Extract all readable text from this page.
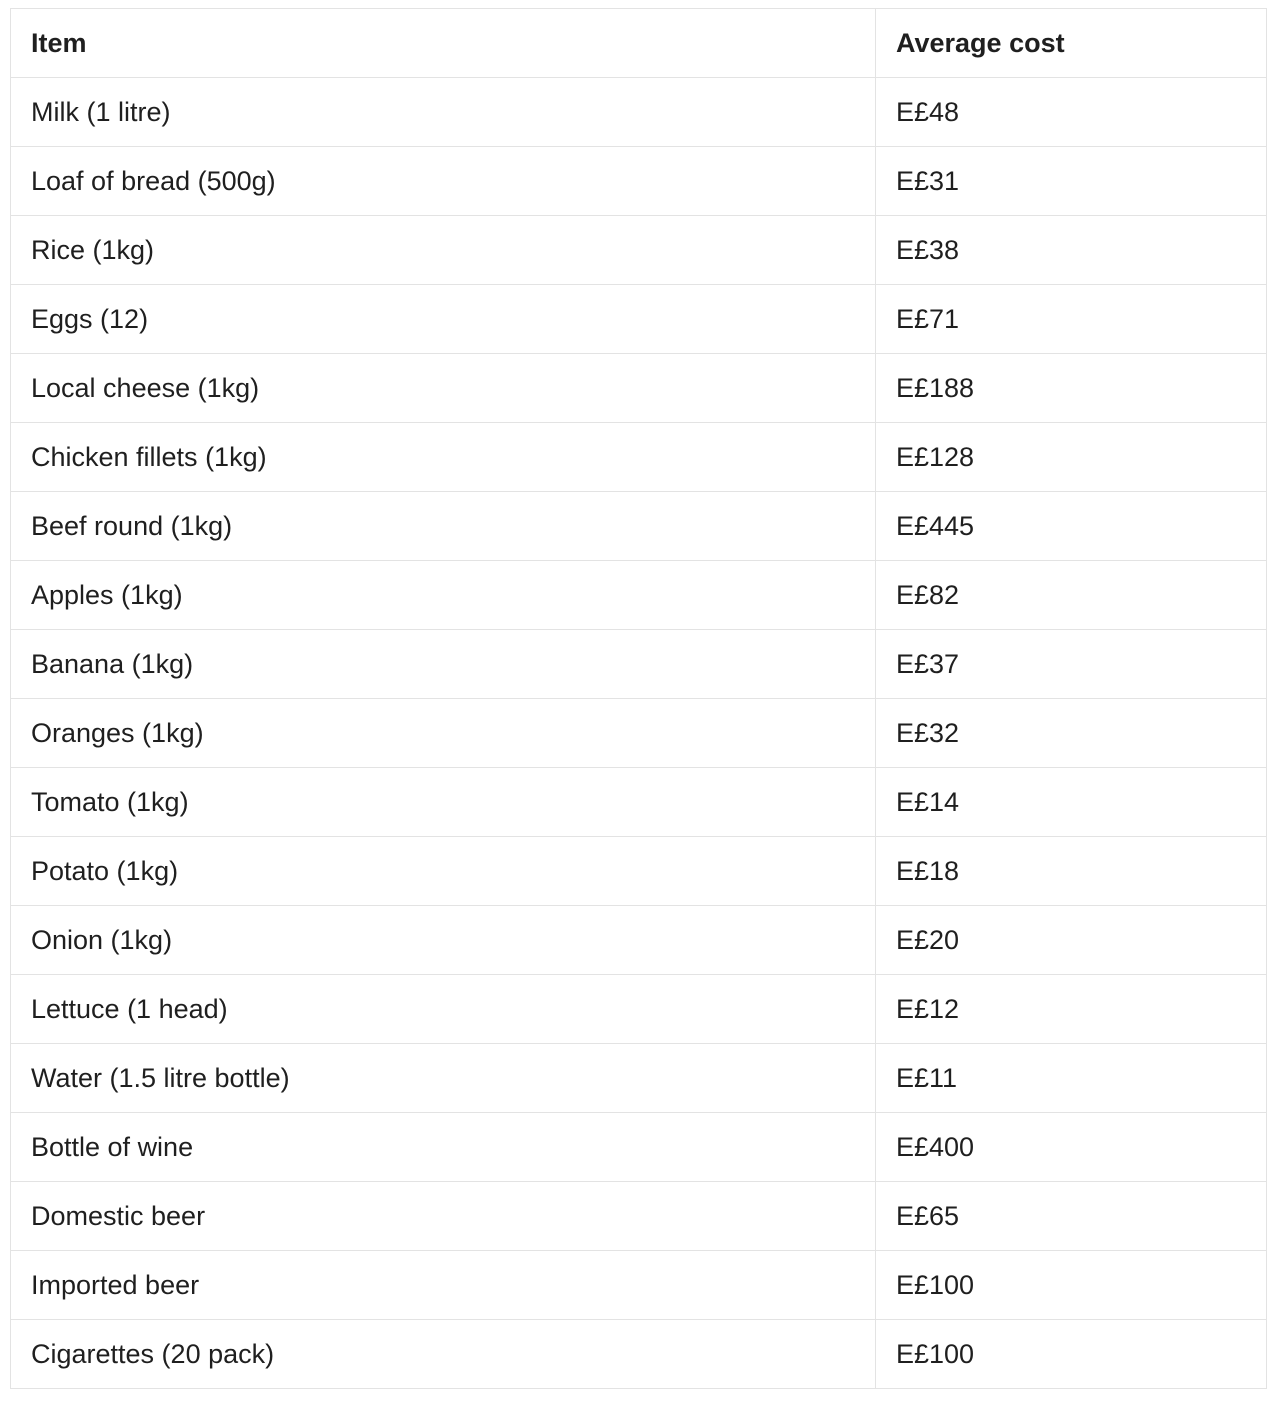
Item	Average cost
Milk (1 litre)	E£48
Loaf of bread (500g)	E£31
Rice (1kg)	E£38
Eggs (12)	E£71
Local cheese (1kg)	E£188
Chicken fillets (1kg)	E£128
Beef round (1kg)	E£445
Apples (1kg)	E£82
Banana (1kg)	E£37
Oranges (1kg)	E£32
Tomato (1kg)	E£14
Potato (1kg)	E£18
Onion (1kg)	E£20
Lettuce (1 head)	E£12
Water (1.5 litre bottle)	E£11
Bottle of wine	E£400
Domestic beer	E£65
Imported beer	E£100
Cigarettes (20 pack)	E£100
